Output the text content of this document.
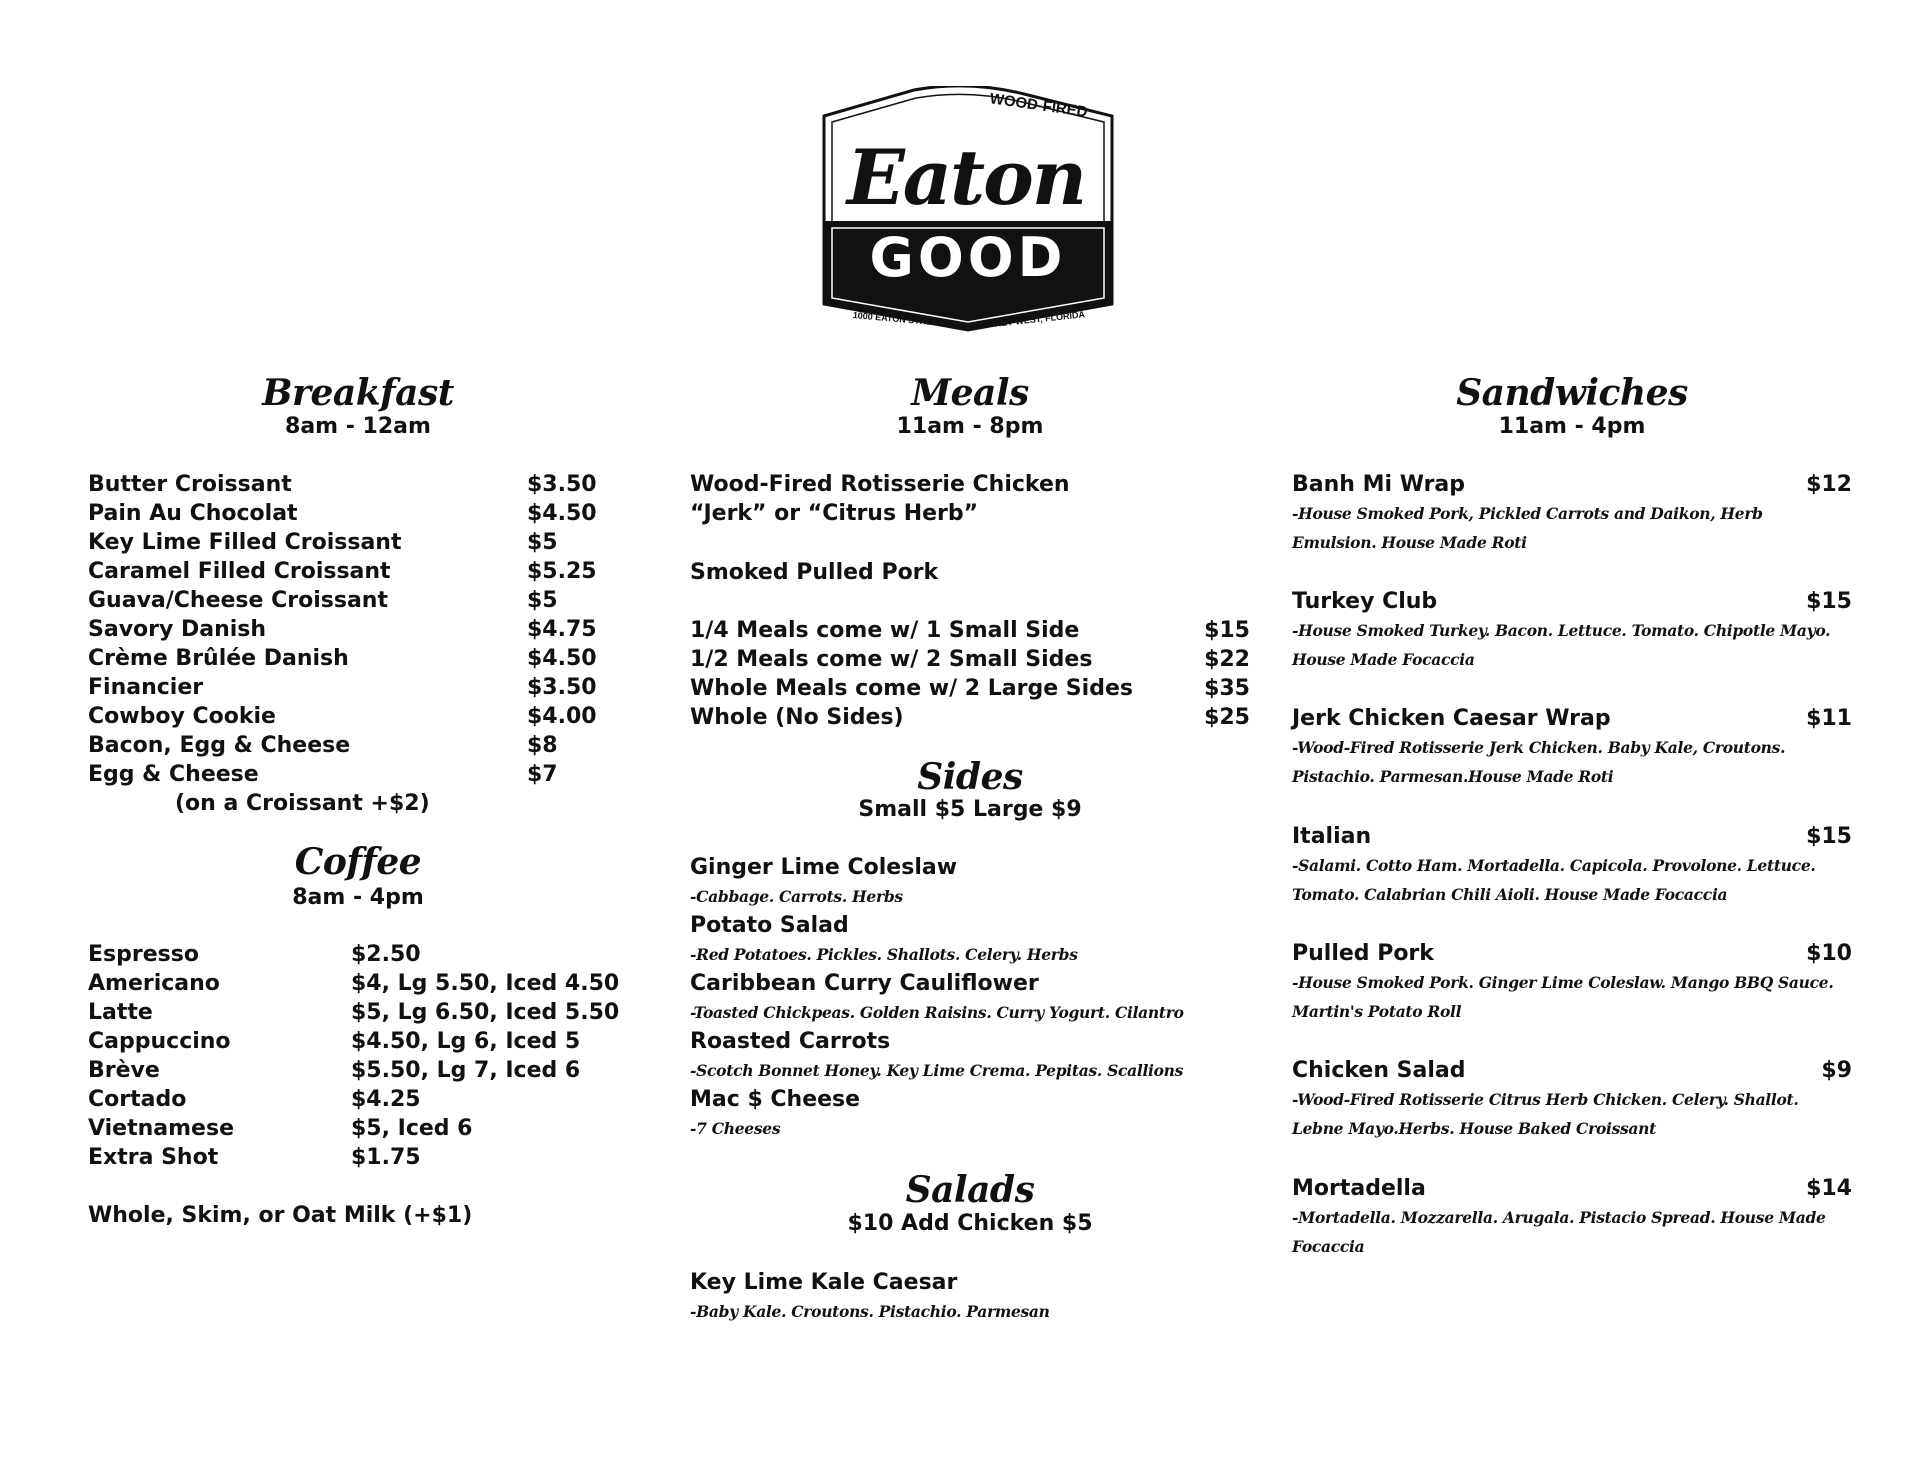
WOOD-FIRED
Eaton
GOOD
1000 EATON STREET	KEY WEST, FLORIDA
Breakfast
8am - 12am
Butter Croissant	$3.50
Pain Au Chocolat	$4.50
Key Lime Filled Croissant	$5
Caramel Filled Croissant	$5.25
Guava/Cheese Croissant	$5
Savory Danish	$4.75
Crème Brûlée Danish	$4.50
Financier	$3.50
Cowboy Cookie	$4.00
Bacon, Egg & Cheese	$8
Egg & Cheese	$7
(on a Croissant +$2)
Coffee
8am - 4pm
Espresso	$2.50
Americano	$4, Lg 5.50, Iced 4.50
Latte	$5, Lg 6.50, Iced 5.50
Cappuccino	$4.50, Lg 6, Iced 5
Brève	$5.50, Lg 7, Iced 6
Cortado	$4.25
Vietnamese	$5, Iced 6
Extra Shot	$1.75
Whole, Skim, or Oat Milk (+$1)
Meals
11am - 8pm
Wood-Fired Rotisserie Chicken
“Jerk” or “Citrus Herb”
Smoked Pulled Pork
1/4 Meals come w/ 1 Small Side	$15
1/2 Meals come w/ 2 Small Sides	$22
Whole Meals come w/ 2 Large Sides	$35
Whole (No Sides)	$25
Sides
Small $5 Large $9
Ginger Lime Coleslaw
-Cabbage. Carrots. Herbs
Potato Salad
-Red Potatoes. Pickles. Shallots. Celery. Herbs
Caribbean Curry Cauliflower
-Toasted Chickpeas. Golden Raisins. Curry Yogurt. Cilantro
Roasted Carrots
-Scotch Bonnet Honey. Key Lime Crema. Pepitas. Scallions
Mac $ Cheese
-7 Cheeses
Salads
$10 Add Chicken $5
Key Lime Kale Caesar
-Baby Kale. Croutons. Pistachio. Parmesan
Sandwiches
11am - 4pm
Banh Mi Wrap	$12
-House Smoked Pork, Pickled Carrots and Daikon, Herb Emulsion. House Made Roti
Turkey Club	$15
-House Smoked Turkey. Bacon. Lettuce. Tomato. Chipotle Mayo. House Made Focaccia
Jerk Chicken Caesar Wrap	$11
-Wood-Fired Rotisserie Jerk Chicken. Baby Kale, Croutons. Pistachio. Parmesan.House Made Roti
Italian	$15
-Salami. Cotto Ham. Mortadella. Capicola. Provolone. Lettuce. Tomato. Calabrian Chili Aioli. House Made Focaccia
Pulled Pork	$10
-House Smoked Pork. Ginger Lime Coleslaw. Mango BBQ Sauce. Martin's Potato Roll
Chicken Salad	$9
-Wood-Fired Rotisserie Citrus Herb Chicken. Celery. Shallot. Lebne Mayo.Herbs. House Baked Croissant
Mortadella	$14
-Mortadella. Mozzarella. Arugala. Pistacio Spread. House Made Focaccia
